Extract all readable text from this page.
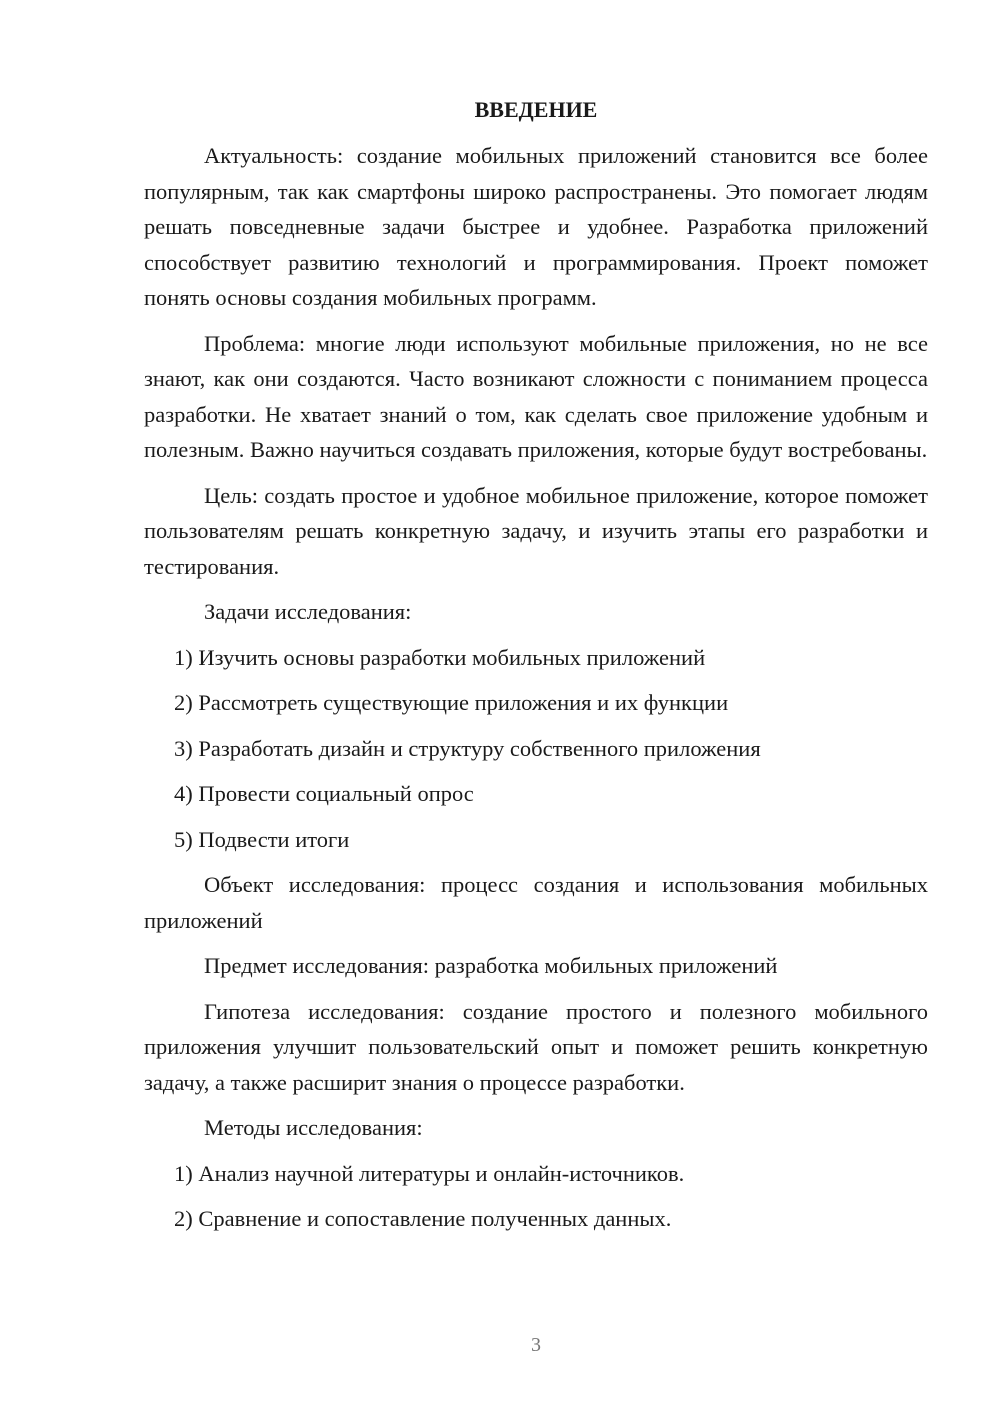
ВВЕДЕНИЕ
Актуальность: создание мобильных приложений становится все более популярным, так как смартфоны широко распространены. Это помогает людям решать повседневные задачи быстрее и удобнее. Разработка приложений способствует развитию технологий и программирования. Проект поможет понять основы создания мобильных программ.
Проблема: многие люди используют мобильные приложения, но не все знают, как они создаются. Часто возникают сложности с пониманием процесса разработки. Не хватает знаний о том, как сделать свое приложение удобным и полезным. Важно научиться создавать приложения, которые будут востребованы.
Цель: создать простое и удобное мобильное приложение, которое поможет пользователям решать конкретную задачу, и изучить этапы его разработки и тестирования.
Задачи исследования:
1) Изучить основы разработки мобильных приложений
2) Рассмотреть существующие приложения и их функции
3) Разработать дизайн и структуру собственного приложения
4) Провести социальный опрос
5) Подвести итоги
Объект исследования: процесс создания и использования мобильных приложений
Предмет исследования: разработка мобильных приложений
Гипотеза исследования: создание простого и полезного мобильного приложения улучшит пользовательский опыт и поможет решить конкретную задачу, а также расширит знания о процессе разработки.
Методы исследования:
1) Анализ научной литературы и онлайн-источников.
2) Сравнение и сопоставление полученных данных.
3
